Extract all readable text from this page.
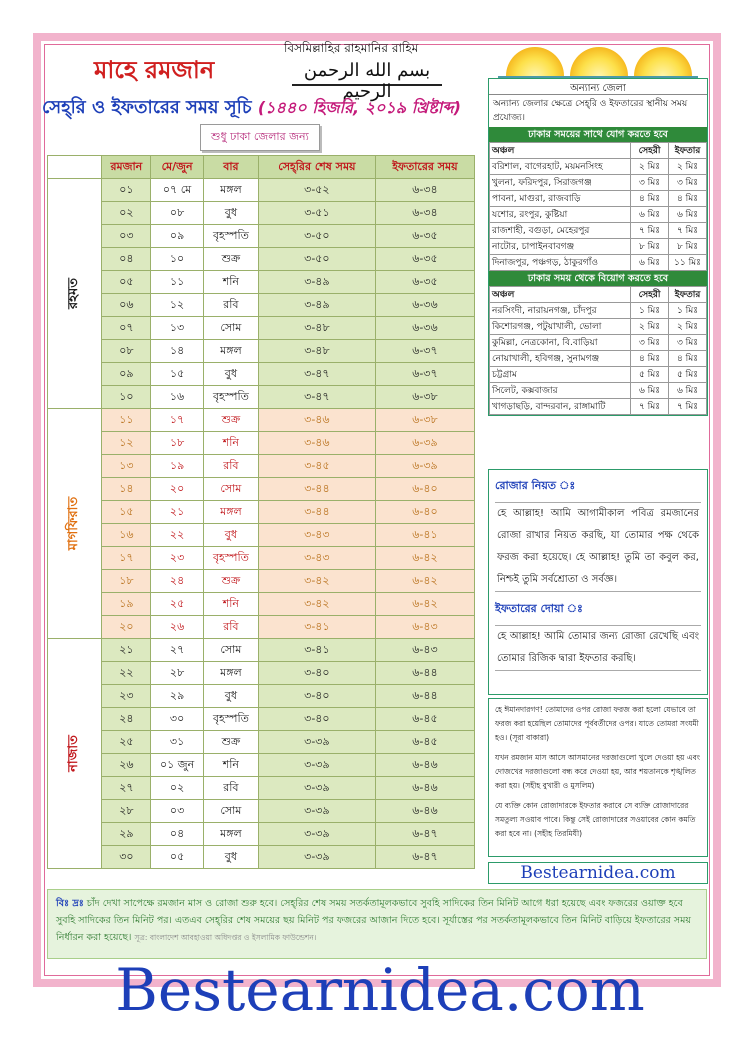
মাহে রমজান
বিসমিল্লাহির রাহমানির রাহিম
بسم الله الرحمن الرحيم
সেহ্‌রি ও ইফতারের সময় সূচি (১৪৪০ হিজরি, ২০১৯ খ্রিষ্টাব্দ)
শুধু ঢাকা জেলার জন্য
	রমজান	মে/জুন	বার	সেহ্‌রির শেষ সময়	ইফতারের সময়
রহমত	০১	০৭ মে	মঙ্গল	৩-৫২	৬-৩৪
	০২	০৮	বুধ	৩-৫১	৬-৩৪
	০৩	০৯	বৃহস্পতি	৩-৫০	৬-৩৫
	০৪	১০	শুক্র	৩-৫০	৬-৩৫
	০৫	১১	শনি	৩-৪৯	৬-৩৫
	০৬	১২	রবি	৩-৪৯	৬-৩৬
	০৭	১৩	সোম	৩-৪৮	৬-৩৬
	০৮	১৪	মঙ্গল	৩-৪৮	৬-৩৭
	০৯	১৫	বুধ	৩-৪৭	৬-৩৭
	১০	১৬	বৃহস্পতি	৩-৪৭	৬-৩৮
মাগফিরাত	১১	১৭	শুক্র	৩-৪৬	৬-৩৮
	১২	১৮	শনি	৩-৪৬	৬-৩৯
	১৩	১৯	রবি	৩-৪৫	৬-৩৯
	১৪	২০	সোম	৩-৪৪	৬-৪০
	১৫	২১	মঙ্গল	৩-৪৪	৬-৪০
	১৬	২২	বুধ	৩-৪৩	৬-৪১
	১৭	২৩	বৃহস্পতি	৩-৪৩	৬-৪২
	১৮	২৪	শুক্র	৩-৪২	৬-৪২
	১৯	২৫	শনি	৩-৪২	৬-৪২
	২০	২৬	রবি	৩-৪১	৬-৪৩
নাজাত	২১	২৭	সোম	৩-৪১	৬-৪৩
	২২	২৮	মঙ্গল	৩-৪০	৬-৪৪
	২৩	২৯	বুধ	৩-৪০	৬-৪৪
	২৪	৩০	বৃহস্পতি	৩-৪০	৬-৪৫
	২৫	৩১	শুক্র	৩-৩৯	৬-৪৫
	২৬	০১ জুন	শনি	৩-৩৯	৬-৪৬
	২৭	০২	রবি	৩-৩৯	৬-৪৬
	২৮	০৩	সোম	৩-৩৯	৬-৪৬
	২৯	০৪	মঙ্গল	৩-৩৯	৬-৪৭
	৩০	০৫	বুধ	৩-৩৯	৬-৪৭
অন্যান্য জেলা
অন্যান্য জেলার ক্ষেত্রে সেহ্‌রি ও ইফতারের স্থানীয় সময় প্রযোজ্য।
ঢাকার সময়ের সাথে যোগ করতে হবে
অঞ্চল	সেহরী	ইফতার
বরিশাল, বাগেরহাট, ময়মনসিংহ	২ মিঃ	২ মিঃ
খুলনা, ফরিদপুর, সিরাজগঞ্জ	৩ মিঃ	৩ মিঃ
পাবনা, মাগুরা, রাজবাড়ি	৪ মিঃ	৪ মিঃ
যশোর, রংপুর, কুষ্টিয়া	৬ মিঃ	৬ মিঃ
রাজশাহী, বগুড়া, মেহেরপুর	৭ মিঃ	৭ মিঃ
নাটোর, চাপাইনবাবগঞ্জ	৮ মিঃ	৮ মিঃ
দিনাজপুর, পঞ্চগড়, ঠাকুরগাঁও	৬ মিঃ	১১ মিঃ
ঢাকার সময় থেকে বিয়োগ করতে হবে
অঞ্চল	সেহরী	ইফতার
নরসিংদী, নারায়নগঞ্জ, চাঁদপুর	১ মিঃ	১ মিঃ
কিশোরগঞ্জ, পটুয়াখালী, ভোলা	২ মিঃ	২ মিঃ
কুমিল্লা, নেত্রকোনা, বি.বাড়িয়া	৩ মিঃ	৩ মিঃ
নোয়াখালী, হবিগঞ্জ, সুনামগঞ্জ	৪ মিঃ	৪ মিঃ
চট্টগ্রাম	৫ মিঃ	৫ মিঃ
সিলেট, কক্সবাজার	৬ মিঃ	৬ মিঃ
খাগড়াছড়ি, বান্দরবান, রাঙ্গামাটি	৭ মিঃ	৭ মিঃ
রোজার নিয়ত ঃ

হে আল্লাহ! আমি আগামীকাল পবিত্র রমজানের রোজা রাখার নিয়ত করছি, যা তোমার পক্ষ থেকে ফরজ করা হয়েছে। হে আল্লাহ! তুমি তা কবুল কর, নিশ্চই তুমি সর্বশ্রোতা ও সর্বজ্ঞ।

ইফতারের দোয়া ঃ

হে আল্লাহ! আমি তোমার জন্য রোজা রেখেছি এবং তোমার রিজিক দ্বারা ইফতার করছি।

হে ঈমানদারগণ! তোমাদের ওপর রোজা ফরজ করা হলো যেভাবে তা ফরজ করা হয়েছিল তোমাদের পূর্ববর্তীদের ওপর। যাতে তোমরা সংযমী হও। (সূরা বাকারা)

যখন রমজান মাস আসে আসমানের দরজাগুলো খুলে দেওয়া হয় এবং দোজখের দরজাগুলো বন্ধ করে দেওয়া হয়, আর শয়তানকে শৃঙ্খলিত করা হয়। (সহীহ বুখারী ও মুসলিম)

যে ব্যক্তি কোন রোজাদারকে ইফতার করাবে সে ব্যক্তি রোজাদারের সমতুল্য সওয়াব পাবে। কিন্তু সেই রোজাদারের সওয়াবের কোন কমতি করা হবে না। (সহীহ তিরমিযী)

Bestearnidea.com
বিঃ দ্রঃ চাঁদ দেখা সাপেক্ষে রমজান মাস ও রোজা শুরু হবে। সেহ্‌রির শেষ সময় সতর্কতামূলকভাবে সুবহি সাদিকের তিন মিনিট আগে ধরা হয়েছে এবং ফজরের ওয়াক্ত হবে সুবহি সাদিকের তিন মিনিট পর। এতএব সেহ্‌রির শেষ সময়ের ছয় মিনিট পর ফজরের আজান দিতে হবে। সূর্যাস্তের পর সতর্কতামূলকভাবে তিন মিনিট বাড়িয়ে ইফতারের সময় নির্ধারন করা হয়েছে। সূত্র: বাংলাদেশ আবহাওয়া অধিদপ্তর ও ইসলামিক ফাউন্ডেশন।
Bestearnidea.com
